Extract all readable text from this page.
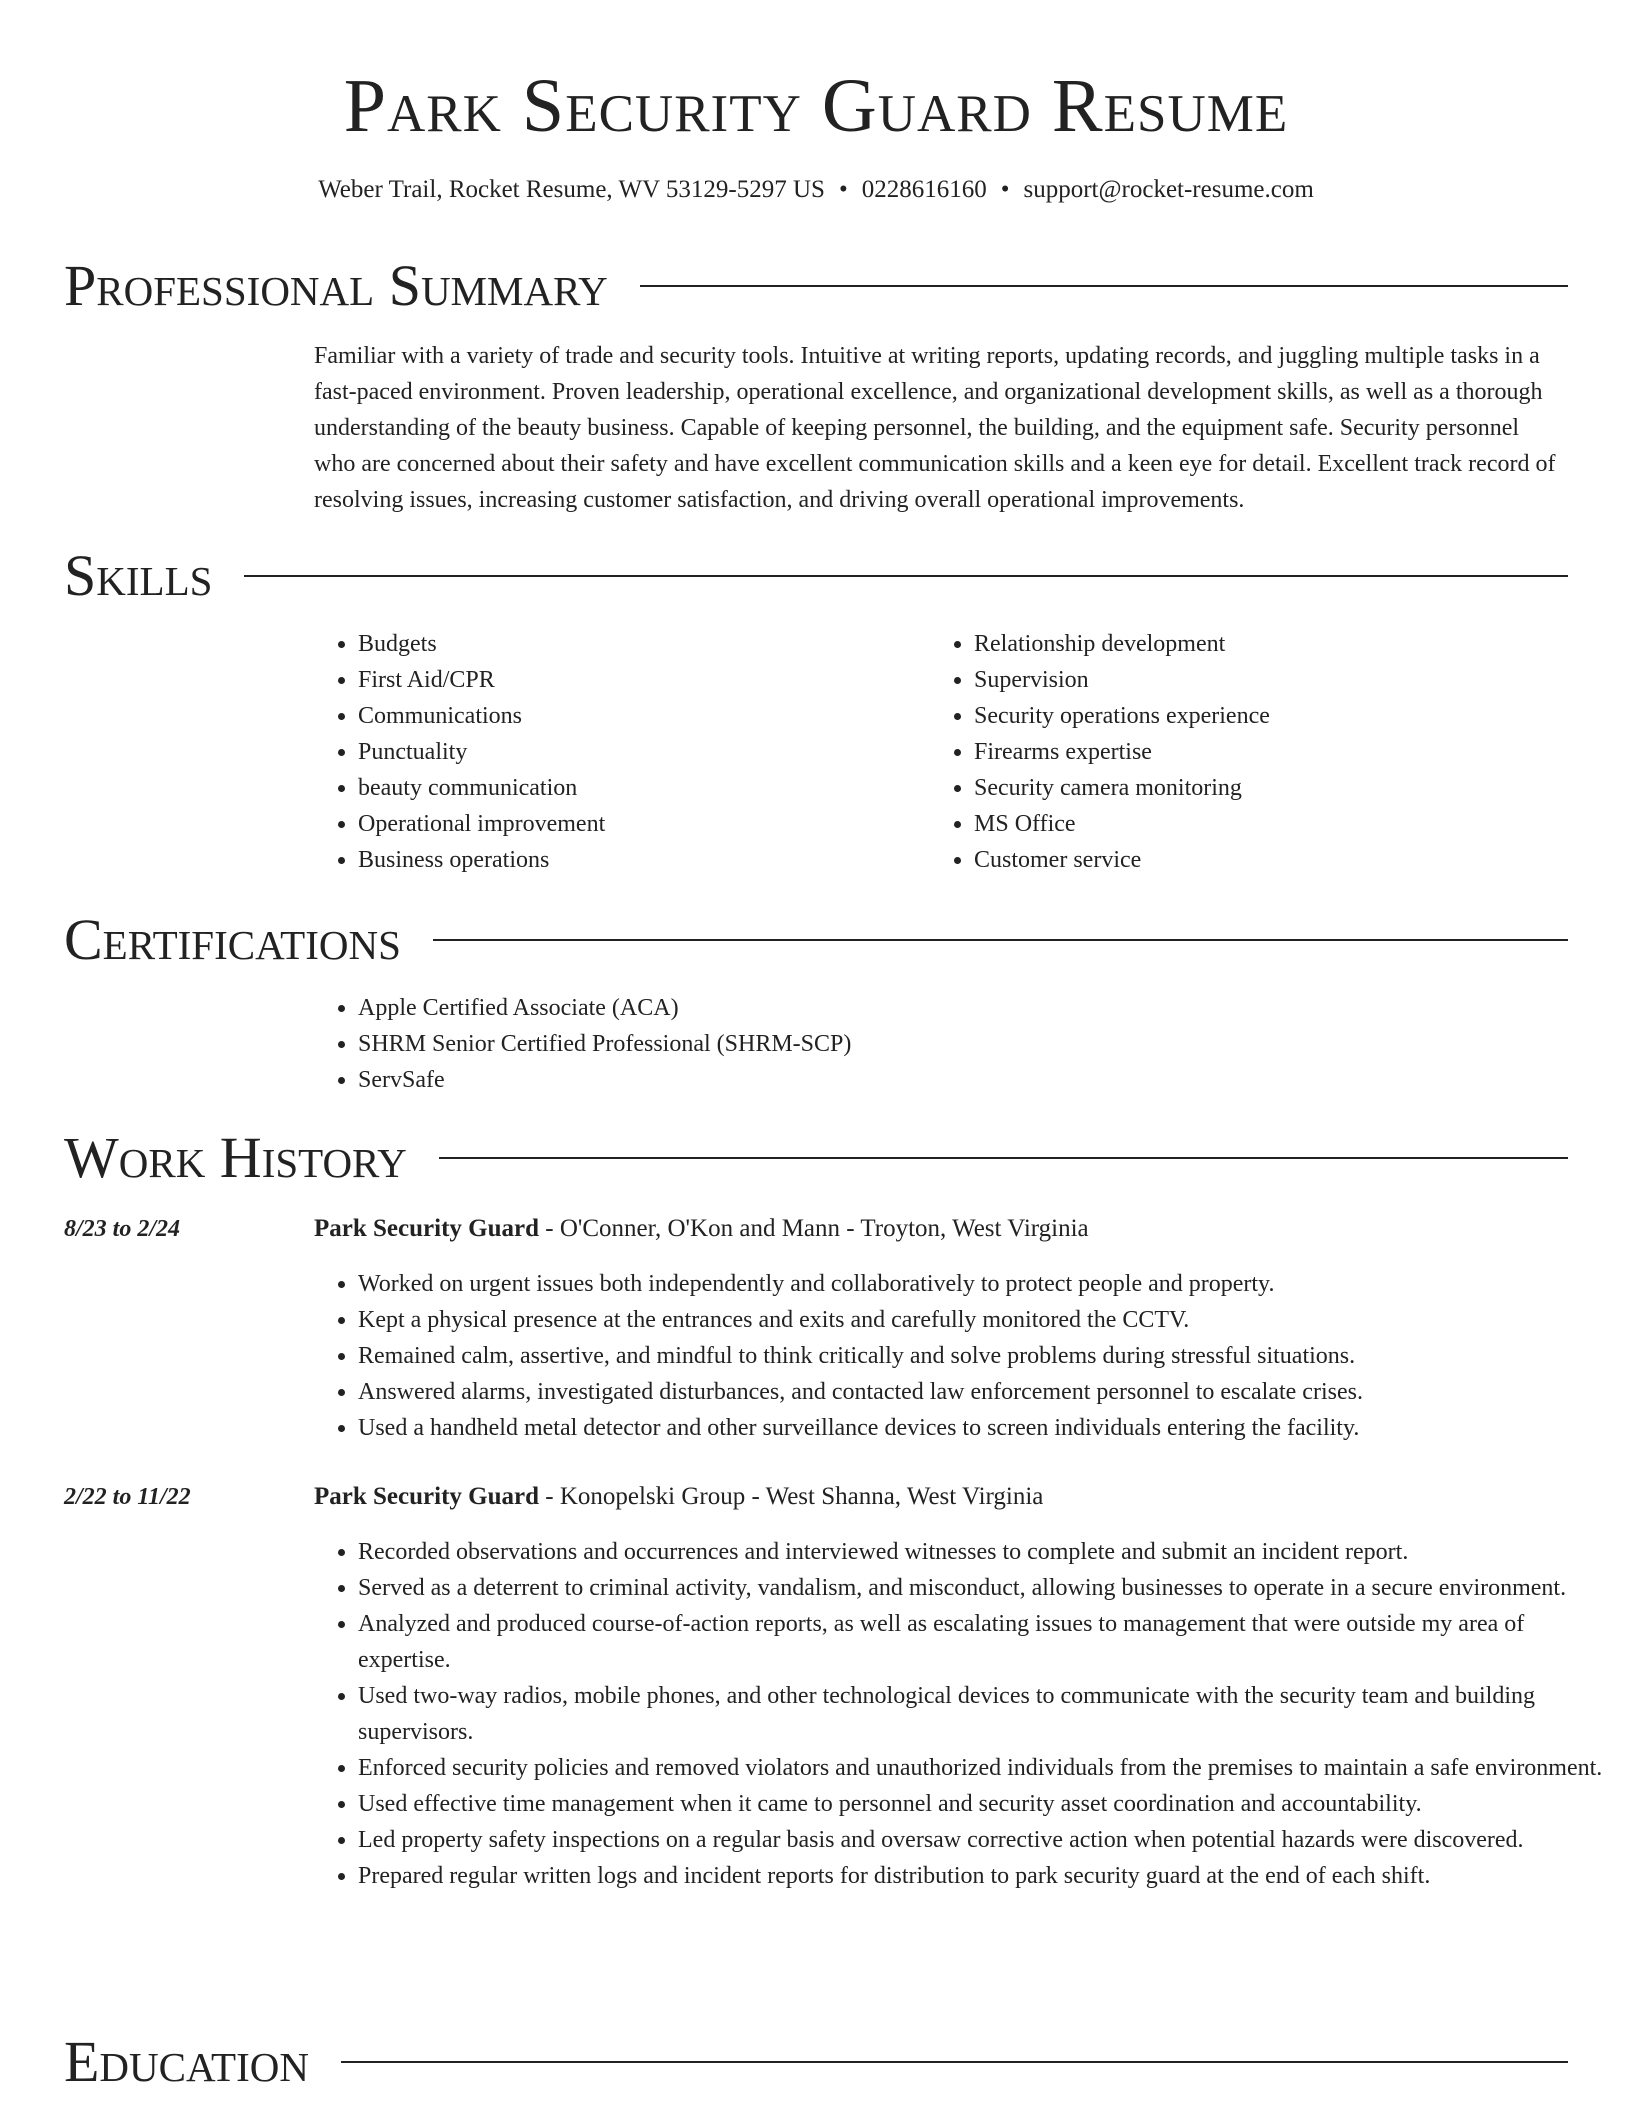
Park Security Guard Resume
Weber Trail, Rocket Resume, WV 53129-5297 US • 0228616160 • support@rocket-resume.com
Professional Summary

Familiar with a variety of trade and security tools. Intuitive at writing reports, updating records, and juggling multiple tasks in a fast-paced environment. Proven leadership, operational excellence, and organizational development skills, as well as a thorough understanding of the beauty business. Capable of keeping personnel, the building, and the equipment safe. Security personnel who are concerned about their safety and have excellent communication skills and a keen eye for detail. Excellent track record of resolving issues, increasing customer satisfaction, and driving overall operational improvements.

Skills
• Budgets
• First Aid/CPR
• Communications
• Punctuality
• beauty communication
• Operational improvement
• Business operations
• Relationship development
• Supervision
• Security operations experience
• Firearms expertise
• Security camera monitoring
• MS Office
• Customer service
Certifications
• Apple Certified Associate (ACA)
• SHRM Senior Certified Professional (SHRM-SCP)
• ServSafe
Work History
8/23 to 2/24	Park Security Guard - O'Conner, O'Kon and Mann - Troyton, West Virginia
• Worked on urgent issues both independently and collaboratively to protect people and property.
• Kept a physical presence at the entrances and exits and carefully monitored the CCTV.
• Remained calm, assertive, and mindful to think critically and solve problems during stressful situations.
• Answered alarms, investigated disturbances, and contacted law enforcement personnel to escalate crises.
• Used a handheld metal detector and other surveillance devices to screen individuals entering the facility.
2/22 to 11/22	Park Security Guard - Konopelski Group - West Shanna, West Virginia
• Recorded observations and occurrences and interviewed witnesses to complete and submit an incident report.
• Served as a deterrent to criminal activity, vandalism, and misconduct, allowing businesses to operate in a secure environment.
• Analyzed and produced course-of-action reports, as well as escalating issues to management that were outside my area of expertise.
• Used two-way radios, mobile phones, and other technological devices to communicate with the security team and building supervisors.
• Enforced security policies and removed violators and unauthorized individuals from the premises to maintain a safe environment.
• Used effective time management when it came to personnel and security asset coordination and accountability.
• Led property safety inspections on a regular basis and oversaw corrective action when potential hazards were discovered.
• Prepared regular written logs and incident reports for distribution to park security guard at the end of each shift.
Education
